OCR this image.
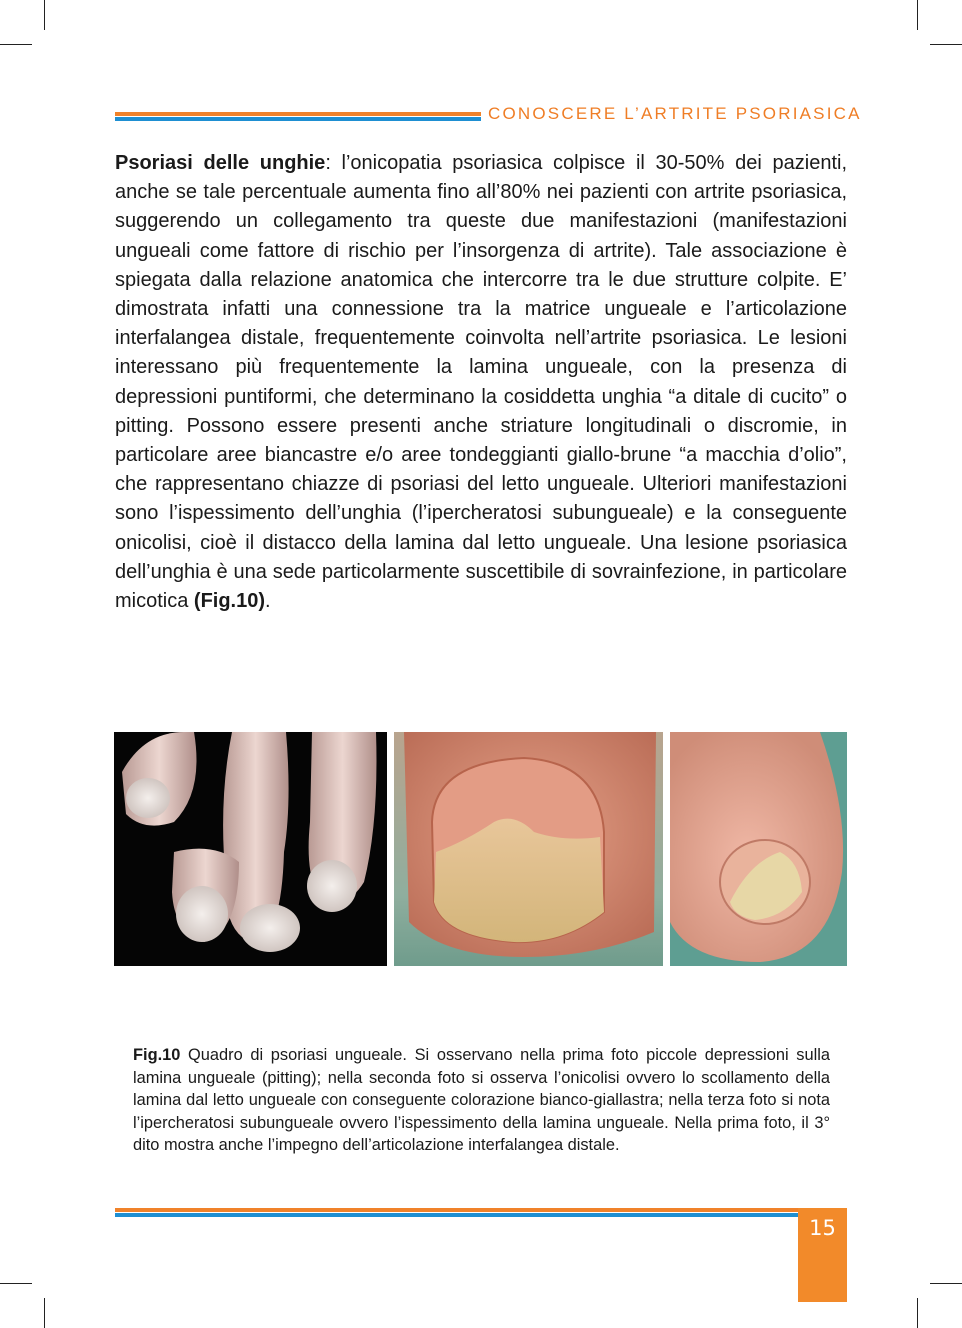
CONOSCERE L’ARTRITE PSORIASICA
Psoriasi delle unghie: l’onicopatia psoriasica colpisce il 30-50% dei pazienti, anche se tale percentuale aumenta fino all’80% nei pazienti con artrite psoriasica, suggerendo un collegamento tra queste due manifestazioni (manifestazioni ungueali come fattore di rischio per l’insorgenza di artrite). Tale associazione è spiegata dalla relazione anatomica che intercorre tra le due strutture colpite. E’ dimostrata infatti una connessione tra la matrice ungueale e l’articolazione interfalangea distale, frequentemente coinvolta nell’artrite psoriasica. Le lesioni interessano più frequentemente la lamina ungueale, con la presenza di depressioni puntiformi, che determinano la cosiddetta unghia “a ditale di cucito” o pitting. Possono essere presenti anche striature longitudinali o discromie, in particolare aree biancastre e/o aree tondeggianti giallo-brune “a macchia d’olio”, che rappresentano chiazze di psoriasi del letto ungueale. Ulteriori manifestazioni sono l’ispessimento dell’unghia (l’ipercheratosi subungueale) e la conseguente onicolisi, cioè il distacco della lamina dal letto ungueale. Una lesione psoriasica dell’unghia è una sede particolarmente suscettibile di sovrainfezione, in particolare micotica (Fig.10).
Fig.10 Quadro di psoriasi ungueale. Si osservano nella prima foto piccole depressioni sulla lamina ungueale (pitting); nella seconda foto si osserva l’onicolisi ovvero lo scollamento della lamina dal letto ungueale con conseguente colorazione bianco-giallastra; nella terza foto si nota l’ipercheratosi subungueale ovvero l’ispessimento della lamina ungueale. Nella prima foto, il 3° dito mostra anche l’impegno dell’articolazione interfalangea distale.
15
